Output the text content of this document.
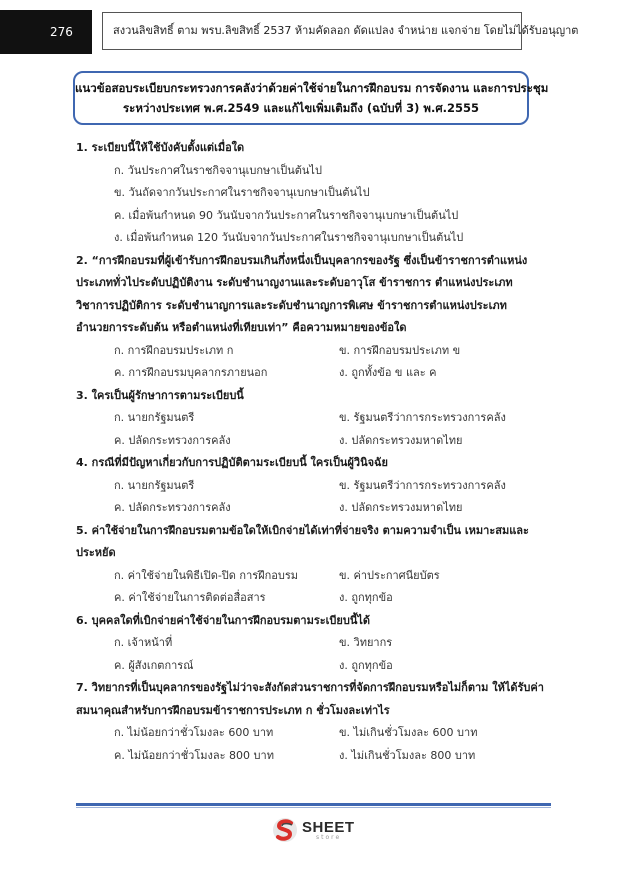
276	สงวนลิขสิทธิ์ ตาม พรบ.ลิขสิทธิ์ 2537 ห้ามคัดลอก ดัดแปลง จำหน่าย แจกจ่าย โดยไม่ได้รับอนุญาต
แนวข้อสอบระเบียบกระทรวงการคลังว่าด้วยค่าใช้จ่ายในการฝึกอบรม การจัดงาน และการประชุม
ระหว่างประเทศ พ.ศ.2549 และแก้ไขเพิ่มเติมถึง (ฉบับที่ 3) พ.ศ.2555
1. ระเบียบนี้ให้ใช้บังคับตั้งแต่เมื่อใด
ก. วันประกาศในราชกิจจานุเบกษาเป็นต้นไป
ข. วันถัดจากวันประกาศในราชกิจจานุเบกษาเป็นต้นไป
ค. เมื่อพ้นกำหนด 90 วันนับจากวันประกาศในราชกิจจานุเบกษาเป็นต้นไป
ง. เมื่อพ้นกำหนด 120 วันนับจากวันประกาศในราชกิจจานุเบกษาเป็นต้นไป
2. “การฝึกอบรมที่ผู้เข้ารับการฝึกอบรมเกินกึ่งหนึ่งเป็นบุคลากรของรัฐ ซึ่งเป็นข้าราชการตำแหน่ง
ประเภททั่วไประดับปฏิบัติงาน ระดับชำนาญงานและระดับอาวุโส ข้าราชการ ตำแหน่งประเภท
วิชาการปฏิบัติการ ระดับชำนาญการและระดับชำนาญการพิเศษ ข้าราชการตำแหน่งประเภท
อำนวยการระดับต้น หรือตำแหน่งที่เทียบเท่า” คือความหมายของข้อใด
ก. การฝึกอบรมประเภท ก	ข. การฝึกอบรมประเภท ข
ค. การฝึกอบรมบุคลากรภายนอก	ง. ถูกทั้งข้อ ข และ ค
3. ใครเป็นผู้รักษาการตามระเบียบนี้
ก. นายกรัฐมนตรี	ข. รัฐมนตรีว่าการกระทรวงการคลัง
ค. ปลัดกระทรวงการคลัง	ง. ปลัดกระทรวงมหาดไทย
4. กรณีที่มีปัญหาเกี่ยวกับการปฏิบัติตามระเบียบนี้ ใครเป็นผู้วินิจฉัย
ก. นายกรัฐมนตรี	ข. รัฐมนตรีว่าการกระทรวงการคลัง
ค. ปลัดกระทรวงการคลัง	ง. ปลัดกระทรวงมหาดไทย
5. ค่าใช้จ่ายในการฝึกอบรมตามข้อใดให้เบิกจ่ายได้เท่าที่จ่ายจริง ตามความจำเป็น เหมาะสมและ
ประหยัด
ก. ค่าใช้จ่ายในพิธีเปิด-ปิด การฝึกอบรม	ข. ค่าประกาศนียบัตร
ค. ค่าใช้จ่ายในการติดต่อสื่อสาร	ง. ถูกทุกข้อ
6. บุคคลใดที่เบิกจ่ายค่าใช้จ่ายในการฝึกอบรมตามระเบียบนี้ได้
ก. เจ้าหน้าที่	ข. วิทยากร
ค. ผู้สังเกตการณ์	ง. ถูกทุกข้อ
7. วิทยากรที่เป็นบุคลากรของรัฐไม่ว่าจะสังกัดส่วนราชการที่จัดการฝึกอบรมหรือไม่ก็ตาม ให้ได้รับค่า
สมนาคุณสำหรับการฝึกอบรมข้าราชการประเภท ก ชั่วโมงละเท่าไร
ก. ไม่น้อยกว่าชั่วโมงละ 600 บาท	ข. ไม่เกินชั่วโมงละ 600 บาท
ค. ไม่น้อยกว่าชั่วโมงละ 800 บาท	ง. ไม่เกินชั่วโมงละ 800 บาท
SHEET
store
